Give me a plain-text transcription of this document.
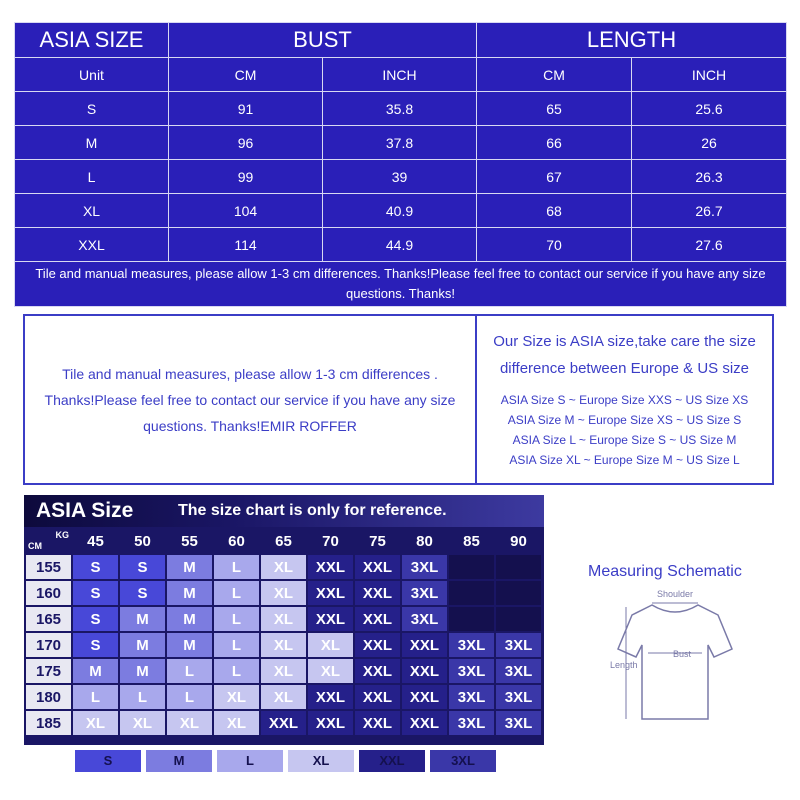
ASIA SIZE	BUST		LENGTH	
Unit	CM	INCH	CM	INCH
S	91	35.8	65	25.6
M	96	37.8	66	26
L	99	39	67	26.3
XL	104	40.9	68	26.7
XXL	114	44.9	70	27.6
Tile and manual measures, please allow 1-3 cm differences. Thanks!Please feel free to contact our service if you have any size questions. Thanks!				
Tile and manual measures, please allow 1-3 cm differences . Thanks!Please feel free to contact our service if you have any size questions. Thanks!EMIR ROFFER
Our Size is ASIA size,take care the size
difference between Europe & US size
ASIA Size S ~ Europe Size XXS ~ US Size XS
ASIA Size M ~ Europe Size XS ~ US Size S
ASIA Size L ~ Europe Size S ~ US Size M
ASIA Size XL ~ Europe Size M ~ US Size L
ASIA Size	The size chart is only for reference.
CM
KG	45	50	55	60	65	70	75	80	85	90
155	S	S	M	L	XL	XXL	XXL	3XL		
160	S	S	M	L	XL	XXL	XXL	3XL		
165	S	M	M	L	XL	XXL	XXL	3XL		
170	S	M	M	L	XL	XL	XXL	XXL	3XL	3XL
175	M	M	L	L	XL	XL	XXL	XXL	3XL	3XL
180	L	L	L	XL	XL	XXL	XXL	XXL	3XL	3XL
185	XL	XL	XL	XL	XXL	XXL	XXL	XXL	3XL	3XL
S	M	L	XL	XXL	3XL
Measuring Schematic
Shoulder
Bust
Length
